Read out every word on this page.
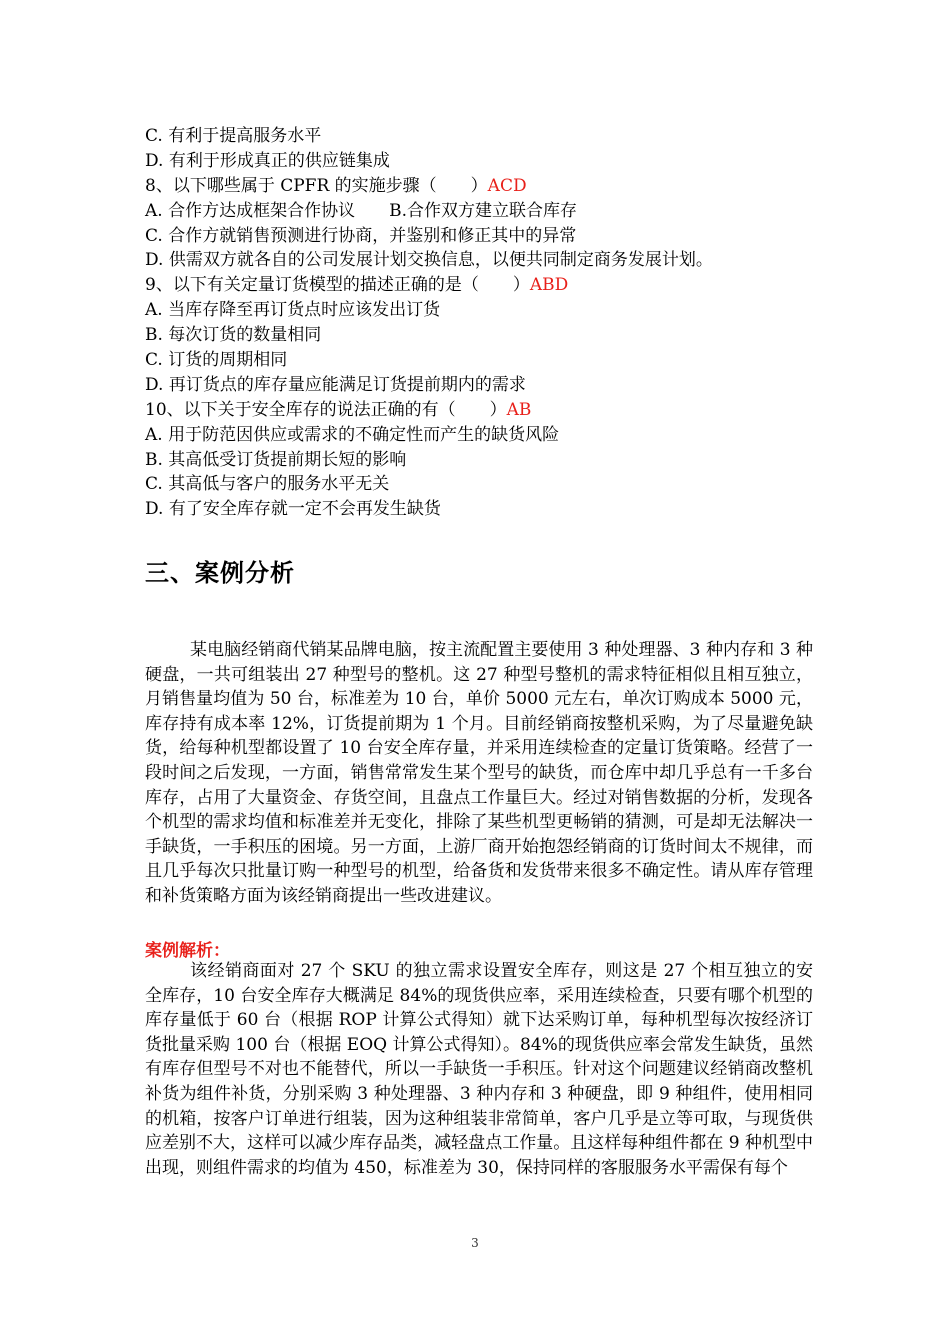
C. 有利于提高服务水平
D. 有利于形成真正的供应链集成
8、以下哪些属于 CPFR 的实施步骤（　　）ACD
A. 合作方达成框架合作协议　　B.合作双方建立联合库存
C. 合作方就销售预测进行协商，并鉴别和修正其中的异常
D. 供需双方就各自的公司发展计划交换信息，以便共同制定商务发展计划。
9、以下有关定量订货模型的描述正确的是（　　）ABD
A. 当库存降至再订货点时应该发出订货
B. 每次订货的数量相同
C. 订货的周期相同
D. 再订货点的库存量应能满足订货提前期内的需求
10、以下关于安全库存的说法正确的有（　　）AB
A. 用于防范因供应或需求的不确定性而产生的缺货风险
B. 其高低受订货提前期长短的影响
C. 其高低与客户的服务水平无关
D. 有了安全库存就一定不会再发生缺货
三、案例分析
某电脑经销商代销某品牌电脑，按主流配置主要使用 3 种处理器、3 种内存和 3 种硬盘，一共可组装出 27 种型号的整机。这 27 种型号整机的需求特征相似且相互独立，月销售量均值为 50 台，标准差为 10 台，单价 5000 元左右，单次订购成本 5000 元，库存持有成本率 12%，订货提前期为 1 个月。目前经销商按整机采购，为了尽量避免缺货，给每种机型都设置了 10 台安全库存量，并采用连续检查的定量订货策略。经营了一段时间之后发现，一方面，销售常常发生某个型号的缺货，而仓库中却几乎总有一千多台库存，占用了大量资金、存货空间，且盘点工作量巨大。经过对销售数据的分析，发现各个机型的需求均值和标准差并无变化，排除了某些机型更畅销的猜测，可是却无法解决一手缺货，一手积压的困境。另一方面，上游厂商开始抱怨经销商的订货时间太不规律，而且几乎每次只批量订购一种型号的机型，给备货和发货带来很多不确定性。请从库存管理和补货策略方面为该经销商提出一些改进建议。
案例解析：
该经销商面对 27 个 SKU 的独立需求设置安全库存，则这是 27 个相互独立的安全库存，10 台安全库存大概满足 84%的现货供应率，采用连续检查，只要有哪个机型的库存量低于 60 台（根据 ROP 计算公式得知）就下达采购订单，每种机型每次按经济订货批量采购 100 台（根据 EOQ 计算公式得知）。84%的现货供应率会常发生缺货，虽然有库存但型号不对也不能替代，所以一手缺货一手积压。针对这个问题建议经销商改整机补货为组件补货，分别采购 3 种处理器、3 种内存和 3 种硬盘，即 9 种组件，使用相同的机箱，按客户订单进行组装，因为这种组装非常简单，客户几乎是立等可取，与现货供应差别不大，这样可以减少库存品类，减轻盘点工作量。且这样每种组件都在 9 种机型中出现，则组件需求的均值为 450，标准差为 30，保持同样的客服服务水平需保有每个
3
